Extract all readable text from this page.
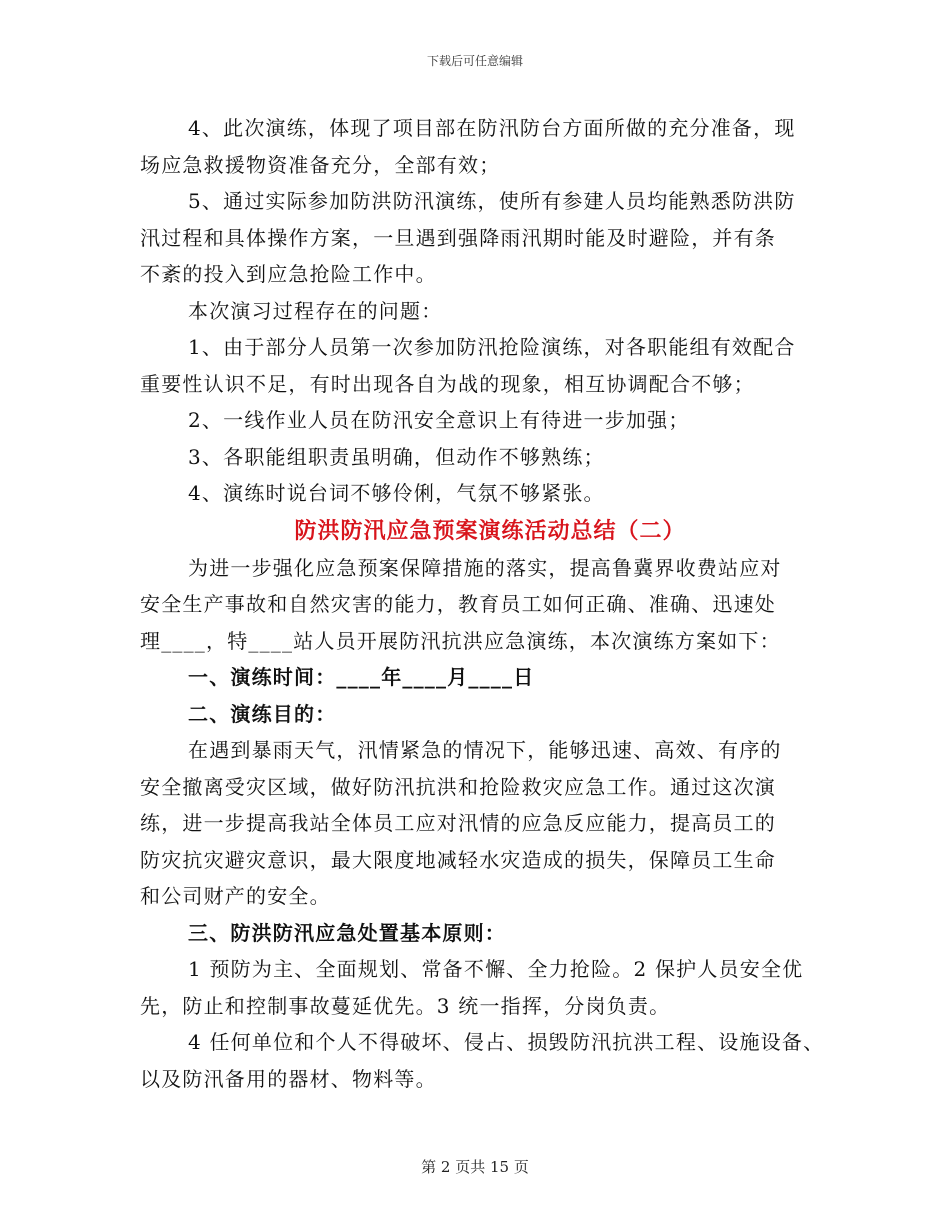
下载后可任意编辑
4、此次演练，体现了项目部在防汛防台方面所做的充分准备，现
场应急救援物资准备充分，全部有效；
5、通过实际参加防洪防汛演练，使所有参建人员均能熟悉防洪防
汛过程和具体操作方案，一旦遇到强降雨汛期时能及时避险，并有条
不紊的投入到应急抢险工作中。
本次演习过程存在的问题：
1、由于部分人员第一次参加防汛抢险演练，对各职能组有效配合
重要性认识不足，有时出现各自为战的现象，相互协调配合不够；
2、一线作业人员在防汛安全意识上有待进一步加强；
3、各职能组职责虽明确，但动作不够熟练；
4、演练时说台词不够伶俐，气氛不够紧张。
防洪防汛应急预案演练活动总结（二）
为进一步强化应急预案保障措施的落实，提高鲁冀界收费站应对
安全生产事故和自然灾害的能力，教育员工如何正确、准确、迅速处
理____，特____站人员开展防汛抗洪应急演练，本次演练方案如下：
一、演练时间：____年____月____日
二、演练目的：
在遇到暴雨天气，汛情紧急的情况下，能够迅速、高效、有序的
安全撤离受灾区域，做好防汛抗洪和抢险救灾应急工作。通过这次演
练，进一步提高我站全体员工应对汛情的应急反应能力，提高员工的
防灾抗灾避灾意识，最大限度地减轻水灾造成的损失，保障员工生命
和公司财产的安全。
三、防洪防汛应急处置基本原则：
1 预防为主、全面规划、常备不懈、全力抢险。2 保护人员安全优
先，防止和控制事故蔓延优先。3 统一指挥，分岗负责。
4 任何单位和个人不得破坏、侵占、损毁防汛抗洪工程、设施设备、
以及防汛备用的器材、物料等。
第 2 页共 15 页
